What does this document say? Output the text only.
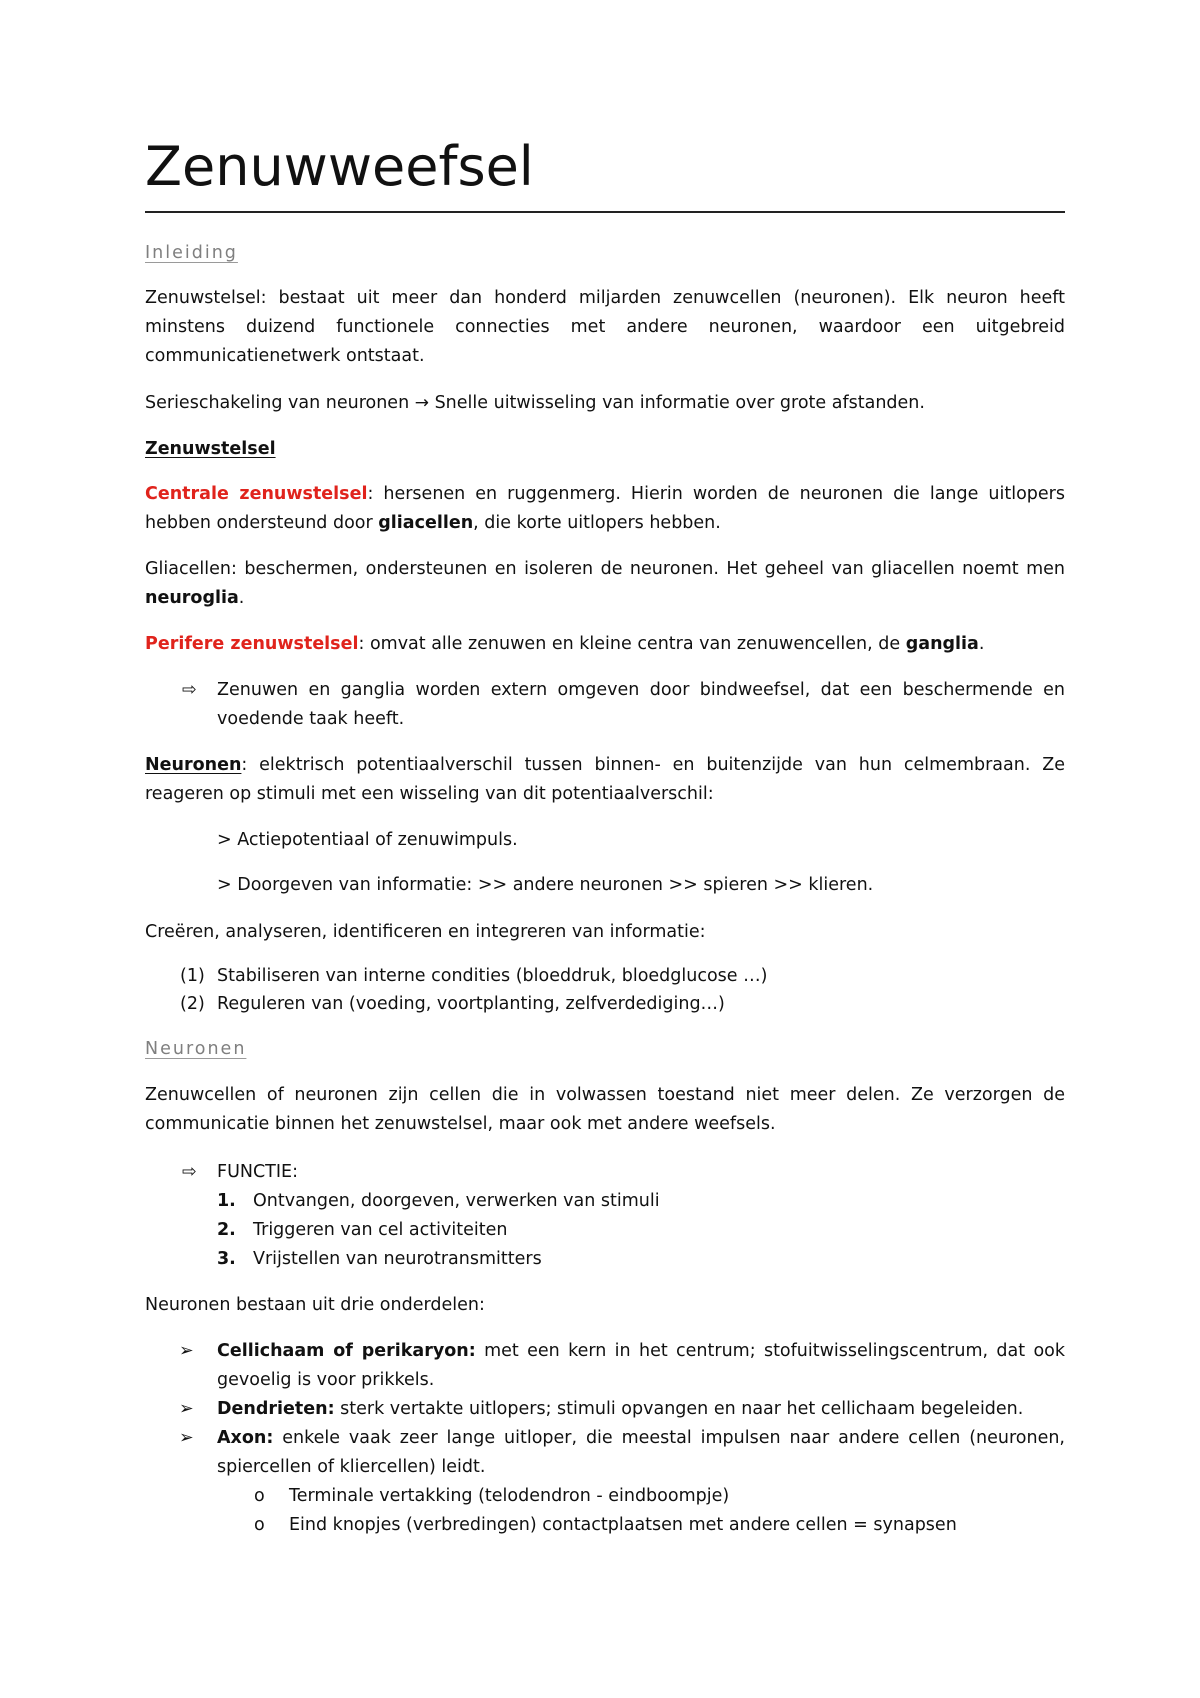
Zenuwweefsel
Inleiding
Zenuwstelsel: bestaat uit meer dan honderd miljarden zenuwcellen (neuronen). Elk neuron heeft minstens duizend functionele connecties met andere neuronen, waardoor een uitgebreid communicatienetwerk ontstaat.
Serieschakeling van neuronen → Snelle uitwisseling van informatie over grote afstanden.
Zenuwstelsel
Centrale zenuwstelsel: hersenen en ruggenmerg. Hierin worden de neuronen die lange uitlopers hebben ondersteund door gliacellen, die korte uitlopers hebben.
Gliacellen: beschermen, ondersteunen en isoleren de neuronen. Het geheel van gliacellen noemt men neuroglia.
Perifere zenuwstelsel: omvat alle zenuwen en kleine centra van zenuwencellen, de ganglia.
⇨ Zenuwen en ganglia worden extern omgeven door bindweefsel, dat een beschermende en voedende taak heeft.
Neuronen: elektrisch potentiaalverschil tussen binnen- en buitenzijde van hun celmembraan. Ze reageren op stimuli met een wisseling van dit potentiaalverschil:
> Actiepotentiaal of zenuwimpuls.
> Doorgeven van informatie: >> andere neuronen >> spieren >> klieren.
Creëren, analyseren, identificeren en integreren van informatie:
(1) Stabiliseren van interne condities (bloeddruk, bloedglucose …)
(2) Reguleren van (voeding, voortplanting, zelfverdediging…)
Neuronen
Zenuwcellen of neuronen zijn cellen die in volwassen toestand niet meer delen. Ze verzorgen de communicatie binnen het zenuwstelsel, maar ook met andere weefsels.
⇨ FUNCTIE:
1. Ontvangen, doorgeven, verwerken van stimuli
2. Triggeren van cel activiteiten
3. Vrijstellen van neurotransmitters
Neuronen bestaan uit drie onderdelen:
➢ Cellichaam of perikaryon: met een kern in het centrum; stofuitwisselingscentrum, dat ook gevoelig is voor prikkels.
➢ Dendrieten: sterk vertakte uitlopers; stimuli opvangen en naar het cellichaam begeleiden.
➢ Axon: enkele vaak zeer lange uitloper, die meestal impulsen naar andere cellen (neuronen, spiercellen of kliercellen) leidt.
o Terminale vertakking (telodendron - eindboompje)
o Eind knopjes (verbredingen) contactplaatsen met andere cellen = synapsen
